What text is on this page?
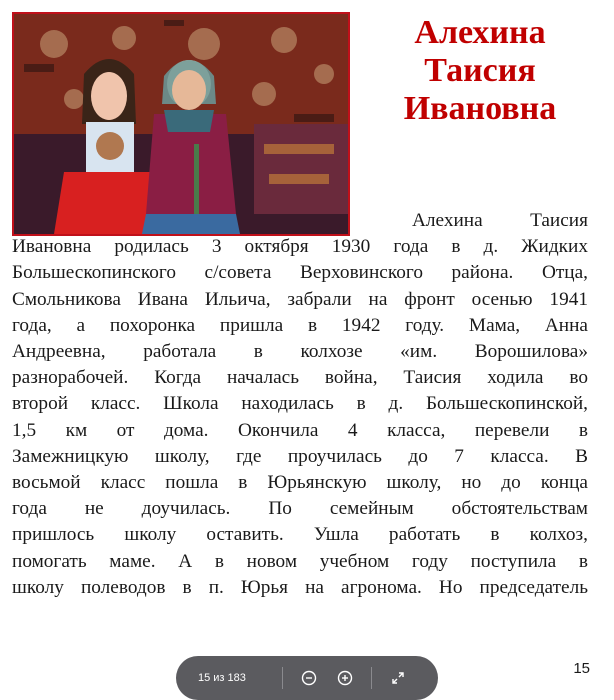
Алехина
Таисия
Ивановна
Алехина Таисия
Ивановна родилась 3 октября 1930 года в д. Жидких
Большескопинского с/совета Верховинского района. Отца,
Смольникова Ивана Ильича, забрали на фронт осенью 1941
года, а похоронка пришла в 1942 году. Мама, Анна
Андреевна, работала в колхозе «им. Ворошилова»
разнорабочей. Когда началась война, Таисия ходила во
второй класс. Школа находилась в д. Большескопинской,
1,5 км от дома. Окончила 4 класса, перевели в
Замежницкую школу, где проучилась до 7 класса. В
восьмой класс пошла в Юрьянскую школу, но до конца
года не доучилась. По семейным обстоятельствам
пришлось школу оставить. Ушла работать в колхоз,
помогать маме. А в новом учебном году поступила в
школу полеводов в п. Юрья на агронома. Но председатель
15
15 из 183
